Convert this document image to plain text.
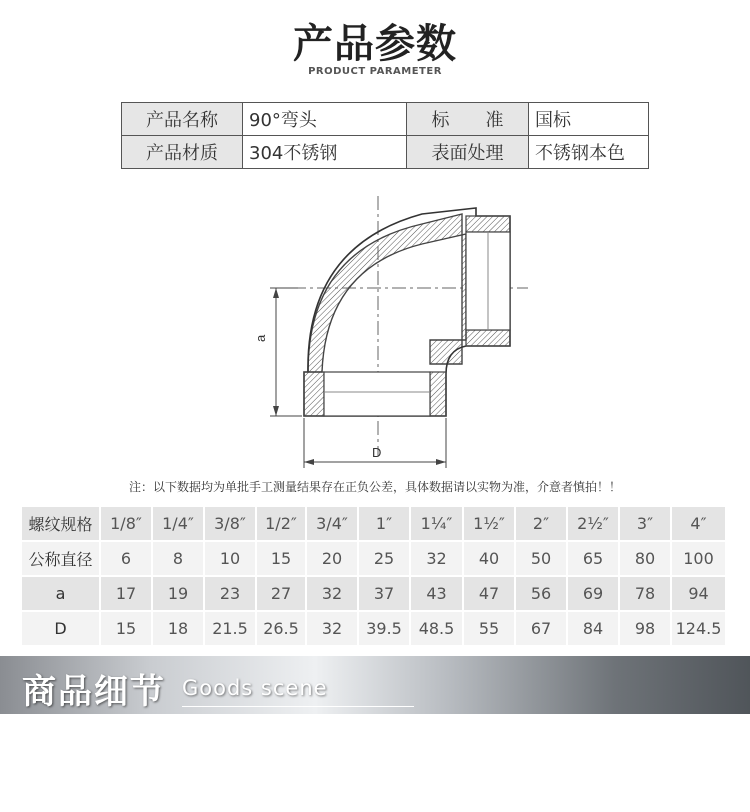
产品参数
PRODUCT PARAMETER
产品名称	90°弯头	标　　准	国标
产品材质	304不锈钢	表面处理	不锈钢本色
a
D
注：以下数据均为单批手工测量结果存在正负公差，具体数据请以实物为准，介意者慎拍！！
螺纹规格	1/8″	1/4″	3/8″	1/2″	3/4″	1″	1¼″	1½″	2″	2½″	3″	4″
公称直径	6	8	10	15	20	25	32	40	50	65	80	100
a	17	19	23	27	32	37	43	47	56	69	78	94
D	15	18	21.5	26.5	32	39.5	48.5	55	67	84	98	124.5
商品细节 Goods scene
